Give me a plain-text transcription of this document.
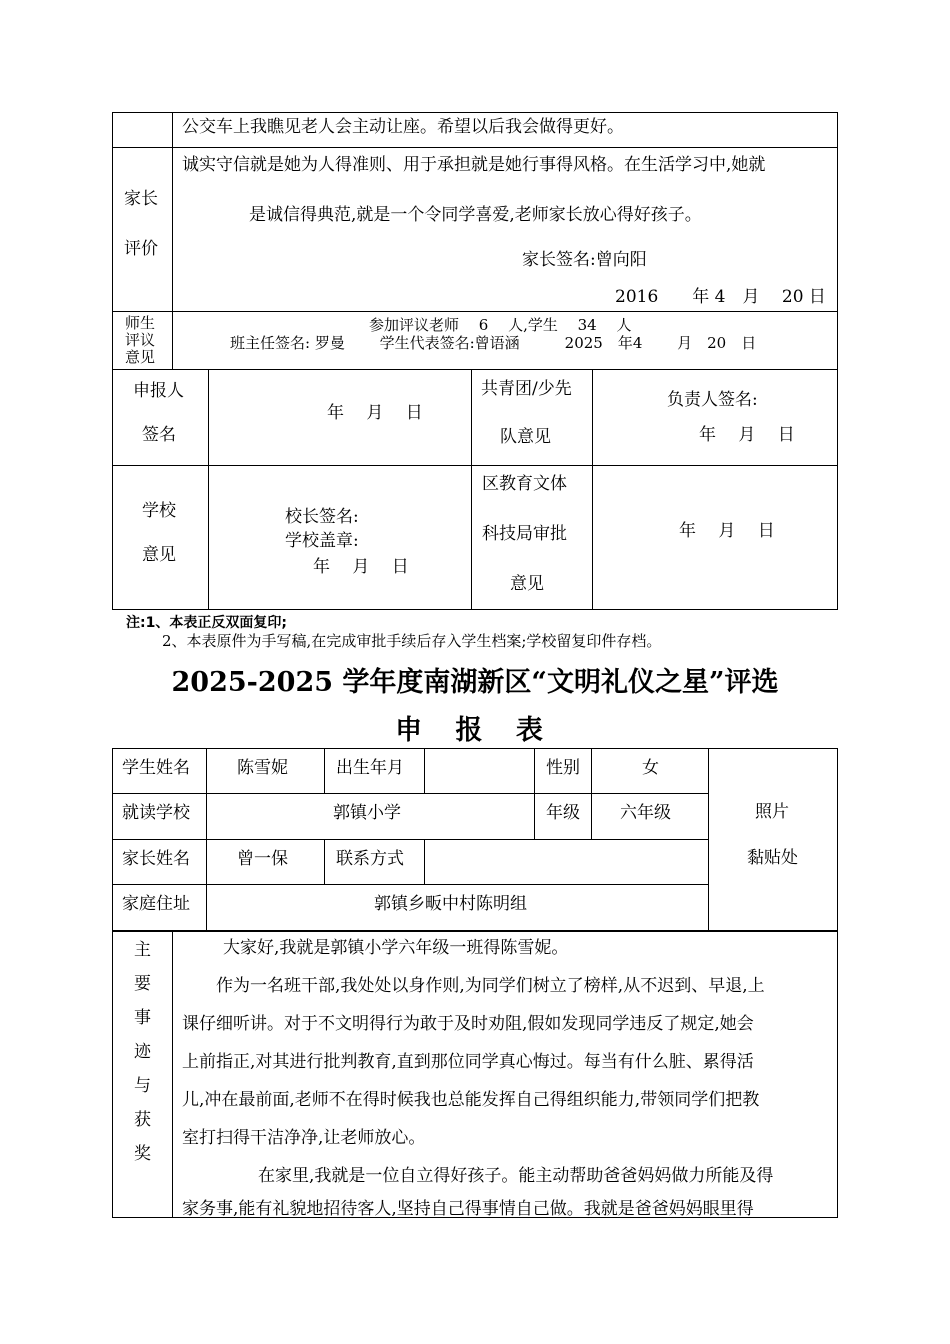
	公交车上我瞧见老人会主动让座。希望以后我会做得更好。

家长
评价	诚实守信就是她为人得准则、用于承担就是她行事得风格。在生活学习中,她就
是诚信得典范,就是一个令同学喜爱,老师家长放心得好孩子。
家长签名:曾向阳
2016　　年 4　月　 20 日

师生
评议
意见	参加评议老师　 6　 人,学生　 34　 人
班主任签名: 罗曼　　 学生代表签名:曾语涵　　　2025　年4　　 月　20　日
申报人
签名	年　 月　 日	共青团/少先
队意见	负责人签名:
年　 月　 日

学校
意见	校长签名:
学校盖章:
年　 月　 日	区教育文体
科技局审批
意见	年　 月　 日
注:1、本表正反双面复印;
2、本表原件为手写稿,在完成审批手续后存入学生档案;学校留复印件存档。
2025-2025 学年度南湖新区“文明礼仪之星”评选
申 报 表
学生姓名	陈雪妮	出生年月		性别	女	照片
黏贴处

就读学校	郭镇小学			年级	六年级	

家长姓名	曾一保	联系方式				

家庭住址	郭镇乡畈中村陈明组					
主
要
事
迹
与
获
奖

大家好,我就是郭镇小学六年级一班得陈雪妮。
作为一名班干部,我处处以身作则,为同学们树立了榜样,从不迟到、早退,上
课仔细听讲。对于不文明得行为敢于及时劝阻,假如发现同学违反了规定,她会
上前指正,对其进行批判教育,直到那位同学真心悔过。每当有什么脏、累得活
儿,冲在最前面,老师不在得时候我也总能发挥自己得组织能力,带领同学们把教
室打扫得干洁净净,让老师放心。
在家里,我就是一位自立得好孩子。能主动帮助爸爸妈妈做力所能及得
家务事,能有礼貌地招待客人,坚持自己得事情自己做。我就是爸爸妈妈眼里得
